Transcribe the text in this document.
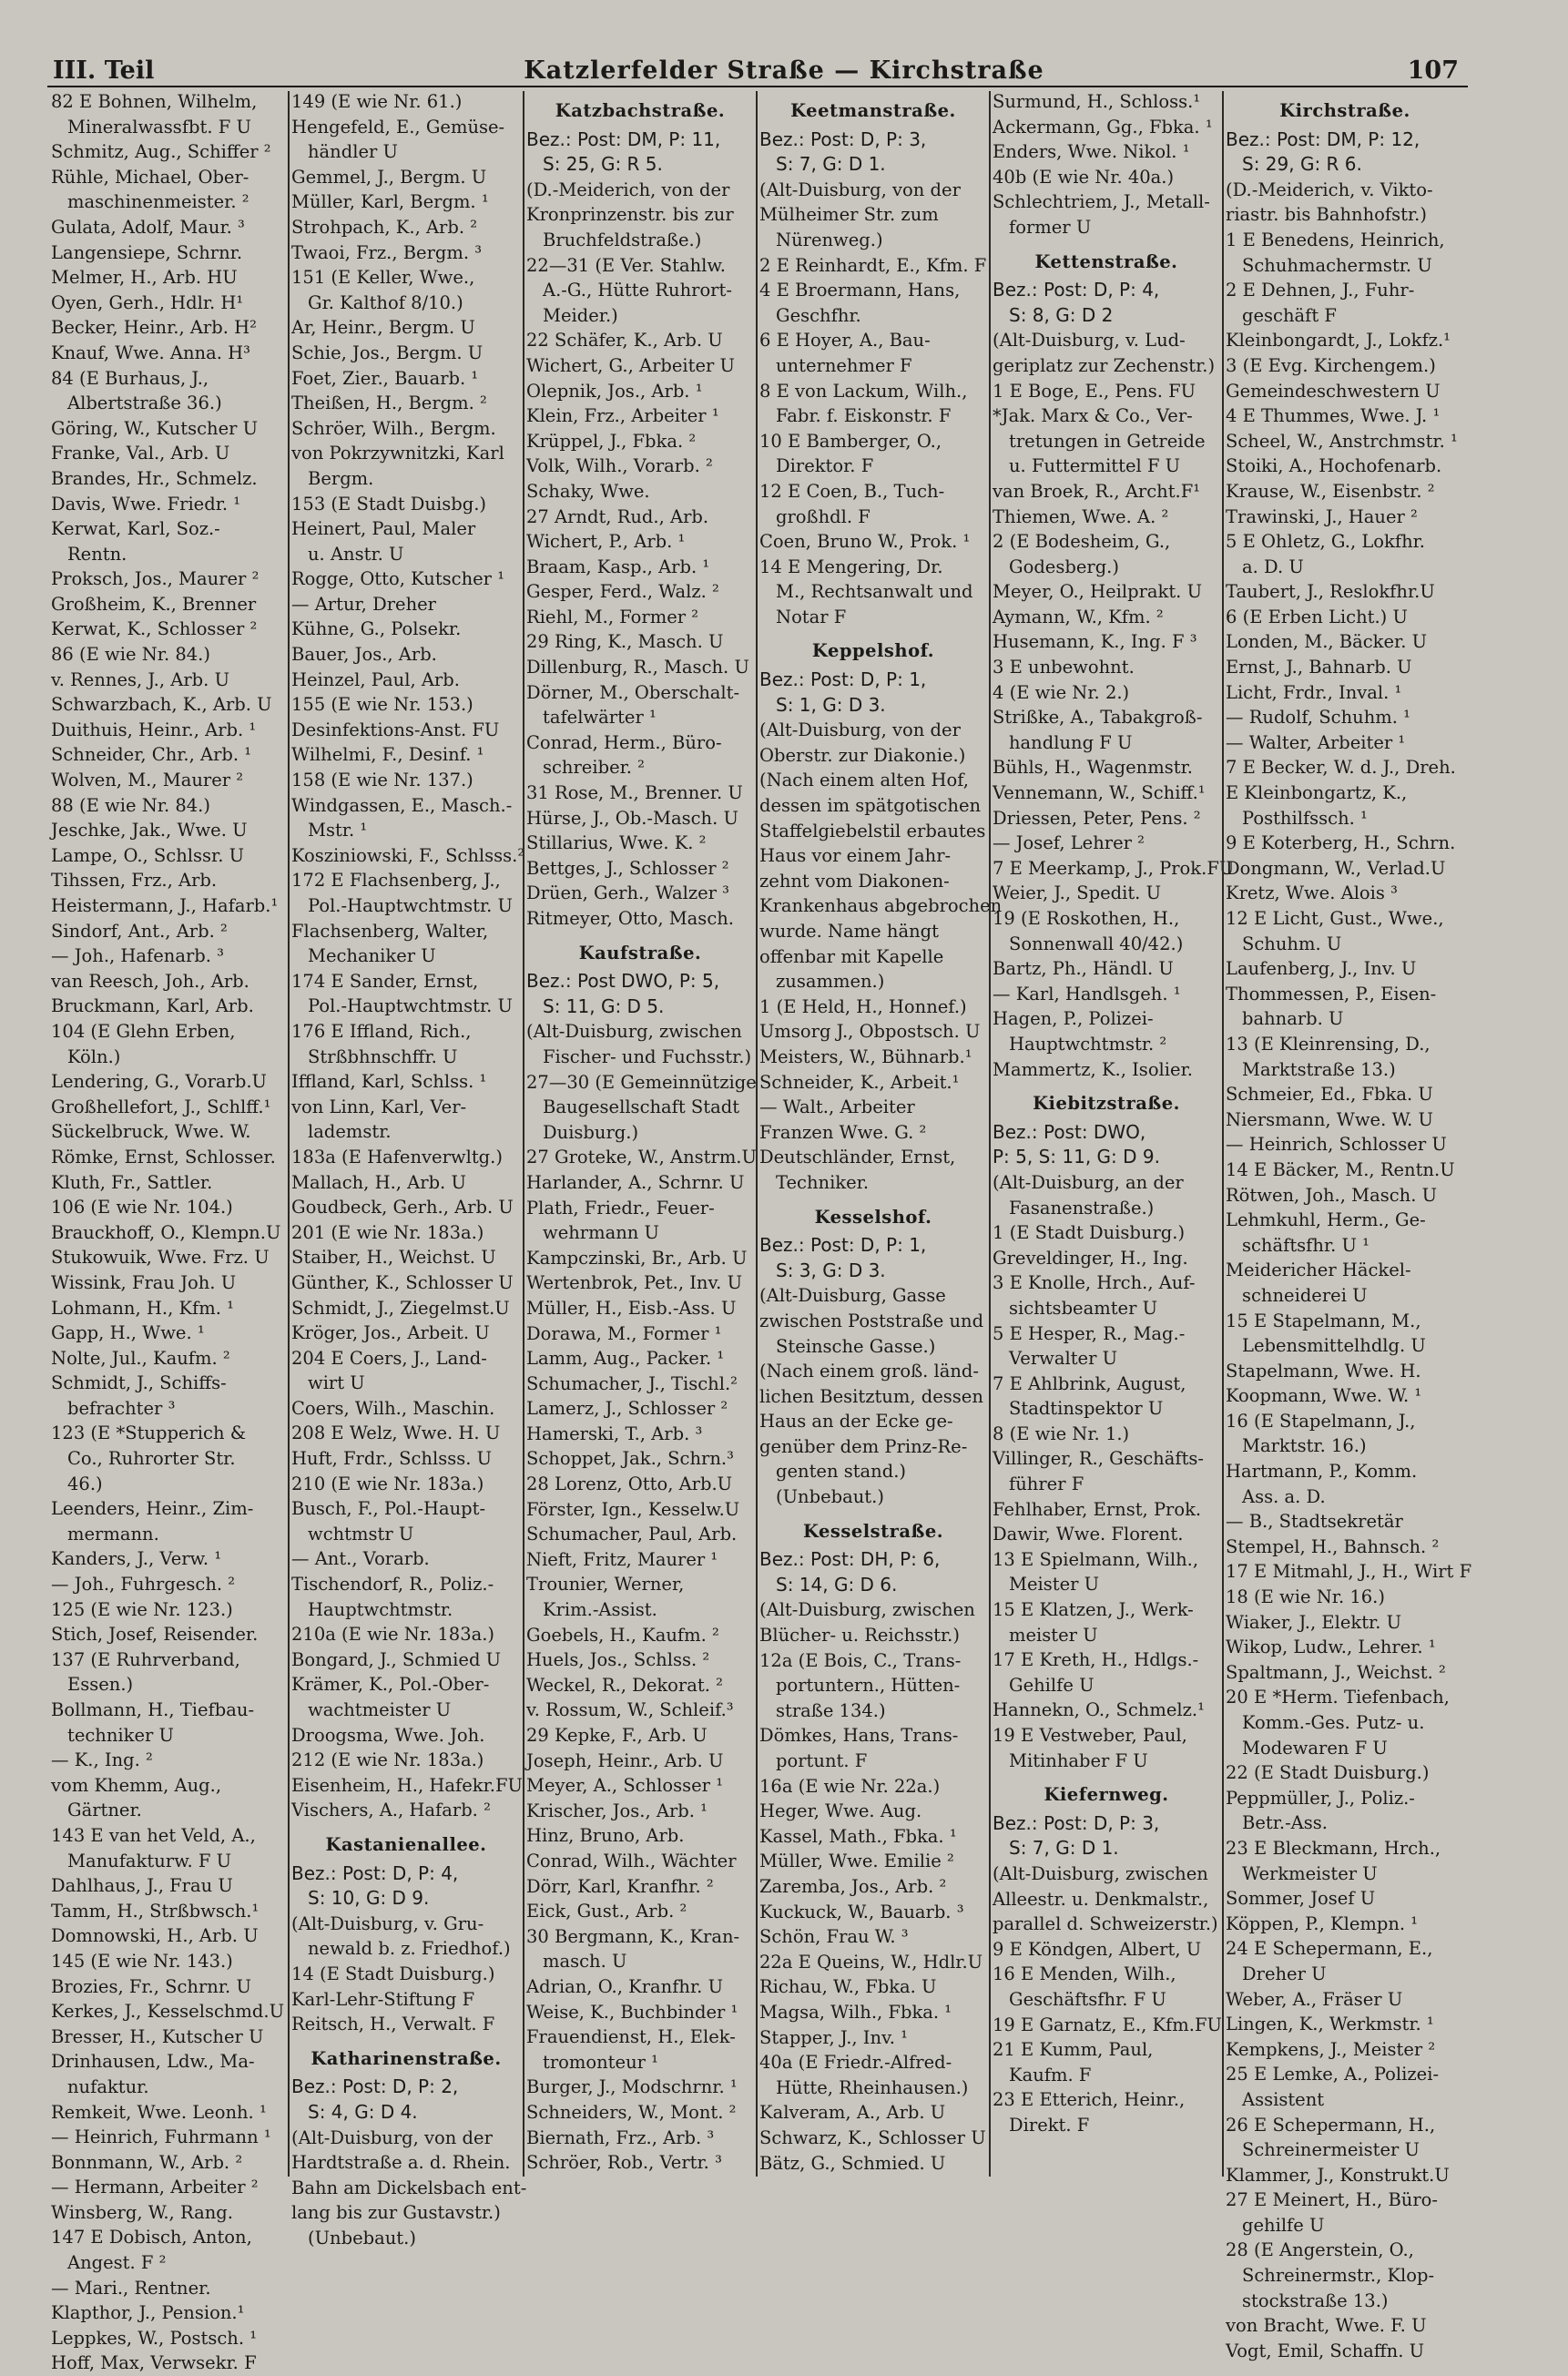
III. Teil	Katzlerfelder Straße — Kirchstraße	107
82 E Bohnen, Wilhelm,
Mineralwassfbt. F U
Schmitz, Aug., Schiffer ²
Rühle, Michael, Ober-
maschinenmeister. ²
Gulata, Adolf, Maur. ³
Langensiepe, Schrnr.
Melmer, H., Arb. HU
Oyen, Gerh., Hdlr. H¹
Becker, Heinr., Arb. H²
Knauf, Wwe. Anna. H³
84 (E Burhaus, J.,
Albertstraße 36.)
Göring, W., Kutscher U
Franke, Val., Arb. U
Brandes, Hr., Schmelz.
Davis, Wwe. Friedr. ¹
Kerwat, Karl, Soz.-
Rentn.
Proksch, Jos., Maurer ²
Großheim, K., Brenner
Kerwat, K., Schlosser ²
86 (E wie Nr. 84.)
v. Rennes, J., Arb. U
Schwarzbach, K., Arb. U
Duithuis, Heinr., Arb. ¹
Schneider, Chr., Arb. ¹
Wolven, M., Maurer ²
88 (E wie Nr. 84.)
Jeschke, Jak., Wwe. U
Lampe, O., Schlssr. U
Tihssen, Frz., Arb.
Heistermann, J., Hafarb.¹
Sindorf, Ant., Arb. ²
— Joh., Hafenarb. ³
van Reesch, Joh., Arb.
Bruckmann, Karl, Arb.
104 (E Glehn Erben,
Köln.)
Lendering, G., Vorarb.U
Großhellefort, J., Schlff.¹
Sückelbruck, Wwe. W.
Römke, Ernst, Schlosser.
Kluth, Fr., Sattler.
106 (E wie Nr. 104.)
Brauckhoff, O., Klempn.U
Stukowuik, Wwe. Frz. U
Wissink, Frau Joh. U
Lohmann, H., Kfm. ¹
Gapp, H., Wwe. ¹
Nolte, Jul., Kaufm. ²
Schmidt, J., Schiffs-
befrachter ³
123 (E *Stupperich &
Co., Ruhrorter Str.
46.)
Leenders, Heinr., Zim-
mermann.
Kanders, J., Verw. ¹
— Joh., Fuhrgesch. ²
125 (E wie Nr. 123.)
Stich, Josef, Reisender.
137 (E Ruhrverband,
Essen.)
Bollmann, H., Tiefbau-
techniker U
— K., Ing. ²
vom Khemm, Aug.,
Gärtner.
143 E van het Veld, A.,
Manufakturw. F U
Dahlhaus, J., Frau U
Tamm, H., Strßbwsch.¹
Domnowski, H., Arb. U
145 (E wie Nr. 143.)
Brozies, Fr., Schrnr. U
Kerkes, J., Kesselschmd.U
Bresser, H., Kutscher U
Drinhausen, Ldw., Ma-
nufaktur.
Remkeit, Wwe. Leonh. ¹
— Heinrich, Fuhrmann ¹
Bonnmann, W., Arb. ²
— Hermann, Arbeiter ²
Winsberg, W., Rang.
147 E Dobisch, Anton,
Angest. F ²
— Mari., Rentner.
Klapthor, J., Pension.¹
Leppkes, W., Postsch. ¹
Hoff, Max, Verwsekr. F
149 (E wie Nr. 61.)
Hengefeld, E., Gemüse-
händler U
Gemmel, J., Bergm. U
Müller, Karl, Bergm. ¹
Strohpach, K., Arb. ²
Twaoi, Frz., Bergm. ³
151 (E Keller, Wwe.,
Gr. Kalthof 8/10.)
Ar, Heinr., Bergm. U
Schie, Jos., Bergm. U
Foet, Zier., Bauarb. ¹
Theißen, H., Bergm. ²
Schröer, Wilh., Bergm.
von Pokrzywnitzki, Karl
Bergm.
153 (E Stadt Duisbg.)
Heinert, Paul, Maler
u. Anstr. U
Rogge, Otto, Kutscher ¹
— Artur, Dreher
Kühne, G., Polsekr.
Bauer, Jos., Arb.
Heinzel, Paul, Arb.
155 (E wie Nr. 153.)
Desinfektions-Anst. FU
Wilhelmi, F., Desinf. ¹
158 (E wie Nr. 137.)
Windgassen, E., Masch.-
Mstr. ¹
Kosziniowski, F., Schlsss.²
172 E Flachsenberg, J.,
Pol.-Hauptwchtmstr. U
Flachsenberg, Walter,
Mechaniker U
174 E Sander, Ernst,
Pol.-Hauptwchtmstr. U
176 E Iffland, Rich.,
Strßbhnschffr. U
Iffland, Karl, Schlss. ¹
von Linn, Karl, Ver-
lademstr.
183a (E Hafenverwltg.)
Mallach, H., Arb. U
Goudbeck, Gerh., Arb. U
201 (E wie Nr. 183a.)
Staiber, H., Weichst. U
Günther, K., Schlosser U
Schmidt, J., Ziegelmst.U
Kröger, Jos., Arbeit. U
204 E Coers, J., Land-
wirt U
Coers, Wilh., Maschin.
208 E Welz, Wwe. H. U
Huft, Frdr., Schlsss. U
210 (E wie Nr. 183a.)
Busch, F., Pol.-Haupt-
wchtmstr U
— Ant., Vorarb.
Tischendorf, R., Poliz.-
Hauptwchtmstr.
210a (E wie Nr. 183a.)
Bongard, J., Schmied U
Krämer, K., Pol.-Ober-
wachtmeister U
Droogsma, Wwe. Joh.
212 (E wie Nr. 183a.)
Eisenheim, H., Hafekr.FU
Vischers, A., Hafarb. ²
Kastanienallee.
Bez.: Post: D, P: 4,
S: 10, G: D 9.
(Alt-Duisburg, v. Gru-
newald b. z. Friedhof.)
14 (E Stadt Duisburg.)
Karl-Lehr-Stiftung F
Reitsch, H., Verwalt. F
Katharinenstraße.
Bez.: Post: D, P: 2,
S: 4, G: D 4.
(Alt-Duisburg, von der
Hardtstraße a. d. Rhein.
Bahn am Dickelsbach ent-
lang bis zur Gustavstr.)
(Unbebaut.)
Katzbachstraße.
Bez.: Post: DM, P: 11,
S: 25, G: R 5.
(D.-Meiderich, von der
Kronprinzenstr. bis zur
Bruchfeldstraße.)
22—31 (E Ver. Stahlw.
A.-G., Hütte Ruhrort-
Meider.)
22 Schäfer, K., Arb. U
Wichert, G., Arbeiter U
Olepnik, Jos., Arb. ¹
Klein, Frz., Arbeiter ¹
Krüppel, J., Fbka. ²
Volk, Wilh., Vorarb. ²
Schaky, Wwe.
27 Arndt, Rud., Arb.
Wichert, P., Arb. ¹
Braam, Kasp., Arb. ¹
Gesper, Ferd., Walz. ²
Riehl, M., Former ²
29 Ring, K., Masch. U
Dillenburg, R., Masch. U
Dörner, M., Oberschalt-
tafelwärter ¹
Conrad, Herm., Büro-
schreiber. ²
31 Rose, M., Brenner. U
Hürse, J., Ob.-Masch. U
Stillarius, Wwe. K. ²
Bettges, J., Schlosser ²
Drüen, Gerh., Walzer ³
Ritmeyer, Otto, Masch.
Kaufstraße.
Bez.: Post DWO, P: 5,
S: 11, G: D 5.
(Alt-Duisburg, zwischen
Fischer- und Fuchsstr.)
27—30 (E Gemeinnützige
Baugesellschaft Stadt
Duisburg.)
27 Groteke, W., Anstrm.U
Harlander, A., Schrnr. U
Plath, Friedr., Feuer-
wehrmann U
Kampczinski, Br., Arb. U
Wertenbrok, Pet., Inv. U
Müller, H., Eisb.-Ass. U
Dorawa, M., Former ¹
Lamm, Aug., Packer. ¹
Schumacher, J., Tischl.²
Lamerz, J., Schlosser ²
Hamerski, T., Arb. ³
Schoppet, Jak., Schrn.³
28 Lorenz, Otto, Arb.U
Förster, Ign., Kesselw.U
Schumacher, Paul, Arb.
Nieft, Fritz, Maurer ¹
Trounier, Werner,
Krim.-Assist.
Goebels, H., Kaufm. ²
Huels, Jos., Schlss. ²
Weckel, R., Dekorat. ²
v. Rossum, W., Schleif.³
29 Kepke, F., Arb. U
Joseph, Heinr., Arb. U
Meyer, A., Schlosser ¹
Krischer, Jos., Arb. ¹
Hinz, Bruno, Arb.
Conrad, Wilh., Wächter
Dörr, Karl, Kranfhr. ²
Eick, Gust., Arb. ²
30 Bergmann, K., Kran-
masch. U
Adrian, O., Kranfhr. U
Weise, K., Buchbinder ¹
Frauendienst, H., Elek-
tromonteur ¹
Burger, J., Modschrnr. ¹
Schneiders, W., Mont. ²
Biernath, Frz., Arb. ³
Schröer, Rob., Vertr. ³
Keetmanstraße.
Bez.: Post: D, P: 3,
S: 7, G: D 1.
(Alt-Duisburg, von der
Mülheimer Str. zum
Nürenweg.)
2 E Reinhardt, E., Kfm. F
4 E Broermann, Hans,
Geschfhr.
6 E Hoyer, A., Bau-
unternehmer F
8 E von Lackum, Wilh.,
Fabr. f. Eiskonstr. F
10 E Bamberger, O.,
Direktor. F
12 E Coen, B., Tuch-
großhdl. F
Coen, Bruno W., Prok. ¹
14 E Mengering, Dr.
M., Rechtsanwalt und
Notar F
Keppelshof.
Bez.: Post: D, P: 1,
S: 1, G: D 3.
(Alt-Duisburg, von der
Oberstr. zur Diakonie.)
(Nach einem alten Hof,
dessen im spätgotischen
Staffelgiebelstil erbautes
Haus vor einem Jahr-
zehnt vom Diakonen-
Krankenhaus abgebrochen
wurde. Name hängt
offenbar mit Kapelle
zusammen.)
1 (E Held, H., Honnef.)
Umsorg J., Obpostsch. U
Meisters, W., Bühnarb.¹
Schneider, K., Arbeit.¹
— Walt., Arbeiter
Franzen Wwe. G. ²
Deutschländer, Ernst,
Techniker.
Kesselshof.
Bez.: Post: D, P: 1,
S: 3, G: D 3.
(Alt-Duisburg, Gasse
zwischen Poststraße und
Steinsche Gasse.)
(Nach einem groß. länd-
lichen Besitztum, dessen
Haus an der Ecke ge-
genüber dem Prinz-Re-
genten stand.)
(Unbebaut.)
Kesselstraße.
Bez.: Post: DH, P: 6,
S: 14, G: D 6.
(Alt-Duisburg, zwischen
Blücher- u. Reichsstr.)
12a (E Bois, C., Trans-
portuntern., Hütten-
straße 134.)
Dömkes, Hans, Trans-
portunt. F
16a (E wie Nr. 22a.)
Heger, Wwe. Aug.
Kassel, Math., Fbka. ¹
Müller, Wwe. Emilie ²
Zaremba, Jos., Arb. ²
Kuckuck, W., Bauarb. ³
Schön, Frau W. ³
22a E Queins, W., Hdlr.U
Richau, W., Fbka. U
Magsa, Wilh., Fbka. ¹
Stapper, J., Inv. ¹
40a (E Friedr.-Alfred-
Hütte, Rheinhausen.)
Kalveram, A., Arb. U
Schwarz, K., Schlosser U
Bätz, G., Schmied. U
Surmund, H., Schloss.¹
Ackermann, Gg., Fbka. ¹
Enders, Wwe. Nikol. ¹
40b (E wie Nr. 40a.)
Schlechtriem, J., Metall-
former U
Kettenstraße.
Bez.: Post: D, P: 4,
S: 8, G: D 2
(Alt-Duisburg, v. Lud-
geriplatz zur Zechenstr.)
1 E Boge, E., Pens. FU
*Jak. Marx & Co., Ver-
tretungen in Getreide
u. Futtermittel F U
van Broek, R., Archt.F¹
Thiemen, Wwe. A. ²
2 (E Bodesheim, G.,
Godesberg.)
Meyer, O., Heilprakt. U
Aymann, W., Kfm. ²
Husemann, K., Ing. F ³
3 E unbewohnt.
4 (E wie Nr. 2.)
Strißke, A., Tabakgroß-
handlung F U
Bühls, H., Wagenmstr.
Vennemann, W., Schiff.¹
Driessen, Peter, Pens. ²
— Josef, Lehrer ²
7 E Meerkamp, J., Prok.FU
Weier, J., Spedit. U
19 (E Roskothen, H.,
Sonnenwall 40/42.)
Bartz, Ph., Händl. U
— Karl, Handlsgeh. ¹
Hagen, P., Polizei-
Hauptwchtmstr. ²
Mammertz, K., Isolier.
Kiebitzstraße.
Bez.: Post: DWO,
P: 5, S: 11, G: D 9.
(Alt-Duisburg, an der
Fasanenstraße.)
1 (E Stadt Duisburg.)
Greveldinger, H., Ing.
3 E Knolle, Hrch., Auf-
sichtsbeamter U
5 E Hesper, R., Mag.-
Verwalter U
7 E Ahlbrink, August,
Stadtinspektor U
8 (E wie Nr. 1.)
Villinger, R., Geschäfts-
führer F
Fehlhaber, Ernst, Prok.
Dawir, Wwe. Florent.
13 E Spielmann, Wilh.,
Meister U
15 E Klatzen, J., Werk-
meister U
17 E Kreth, H., Hdlgs.-
Gehilfe U
Hannekn, O., Schmelz.¹
19 E Vestweber, Paul,
Mitinhaber F U
Kiefernweg.
Bez.: Post: D, P: 3,
S: 7, G: D 1.
(Alt-Duisburg, zwischen
Alleestr. u. Denkmalstr.,
parallel d. Schweizerstr.)
9 E Köndgen, Albert, U
16 E Menden, Wilh.,
Geschäftsfhr. F U
19 E Garnatz, E., Kfm.FU
21 E Kumm, Paul,
Kaufm. F
23 E Etterich, Heinr.,
Direkt. F
Kirchstraße.
Bez.: Post: DM, P: 12,
S: 29, G: R 6.
(D.-Meiderich, v. Vikto-
riastr. bis Bahnhofstr.)
1 E Benedens, Heinrich,
Schuhmachermstr. U
2 E Dehnen, J., Fuhr-
geschäft F
Kleinbongardt, J., Lokfz.¹
3 (E Evg. Kirchengem.)
Gemeindeschwestern U
4 E Thummes, Wwe. J. ¹
Scheel, W., Anstrchmstr. ¹
Stoiki, A., Hochofenarb.
Krause, W., Eisenbstr. ²
Trawinski, J., Hauer ²
5 E Ohletz, G., Lokfhr.
a. D. U
Taubert, J., Reslokfhr.U
6 (E Erben Licht.) U
Londen, M., Bäcker. U
Ernst, J., Bahnarb. U
Licht, Frdr., Inval. ¹
— Rudolf, Schuhm. ¹
— Walter, Arbeiter ¹
7 E Becker, W. d. J., Dreh.
E Kleinbongartz, K.,
Posthilfssch. ¹
9 E Koterberg, H., Schrn.
Dongmann, W., Verlad.U
Kretz, Wwe. Alois ³
12 E Licht, Gust., Wwe.,
Schuhm. U
Laufenberg, J., Inv. U
Thommessen, P., Eisen-
bahnarb. U
13 (E Kleinrensing, D.,
Marktstraße 13.)
Schmeier, Ed., Fbka. U
Niersmann, Wwe. W. U
— Heinrich, Schlosser U
14 E Bäcker, M., Rentn.U
Rötwen, Joh., Masch. U
Lehmkuhl, Herm., Ge-
schäftsfhr. U ¹
Meidericher Häckel-
schneiderei U
15 E Stapelmann, M.,
Lebensmittelhdlg. U
Stapelmann, Wwe. H.
Koopmann, Wwe. W. ¹
16 (E Stapelmann, J.,
Marktstr. 16.)
Hartmann, P., Komm.
Ass. a. D.
— B., Stadtsekretär
Stempel, H., Bahnsch. ²
17 E Mitmahl, J., H., Wirt F
18 (E wie Nr. 16.)
Wiaker, J., Elektr. U
Wikop, Ludw., Lehrer. ¹
Spaltmann, J., Weichst. ²
20 E *Herm. Tiefenbach,
Komm.-Ges. Putz- u.
Modewaren F U
22 (E Stadt Duisburg.)
Peppmüller, J., Poliz.-
Betr.-Ass.
23 E Bleckmann, Hrch.,
Werkmeister U
Sommer, Josef U
Köppen, P., Klempn. ¹
24 E Schepermann, E.,
Dreher U
Weber, A., Fräser U
Lingen, K., Werkmstr. ¹
Kempkens, J., Meister ²
25 E Lemke, A., Polizei-
Assistent
26 E Schepermann, H.,
Schreinermeister U
Klammer, J., Konstrukt.U
27 E Meinert, H., Büro-
gehilfe U
28 (E Angerstein, O.,
Schreinermstr., Klop-
stockstraße 13.)
von Bracht, Wwe. F. U
Vogt, Emil, Schaffn. U
